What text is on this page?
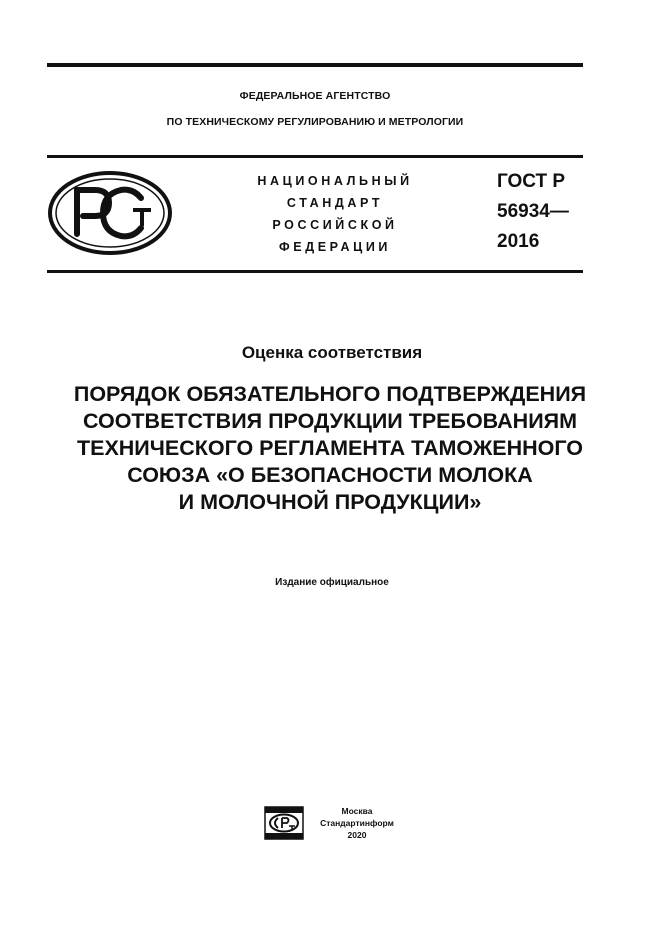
ФЕДЕРАЛЬНОЕ АГЕНТСТВО
ПО ТЕХНИЧЕСКОМУ РЕГУЛИРОВАНИЮ И МЕТРОЛОГИИ
НАЦИОНАЛЬНЫЙ
СТАНДАРТ
РОССИЙСКОЙ
ФЕДЕРАЦИИ
ГОСТ Р
56934—
2016
Оценка соответствия
ПОРЯДОК ОБЯЗАТЕЛЬНОГО ПОДТВЕРЖДЕНИЯ
СООТВЕТСТВИЯ ПРОДУКЦИИ ТРЕБОВАНИЯМ
ТЕХНИЧЕСКОГО РЕГЛАМЕНТА ТАМОЖЕННОГО
СОЮЗА «О БЕЗОПАСНОСТИ МОЛОКА
И МОЛОЧНОЙ ПРОДУКЦИИ»
Издание официальное
Москва
Стандартинформ
2020
